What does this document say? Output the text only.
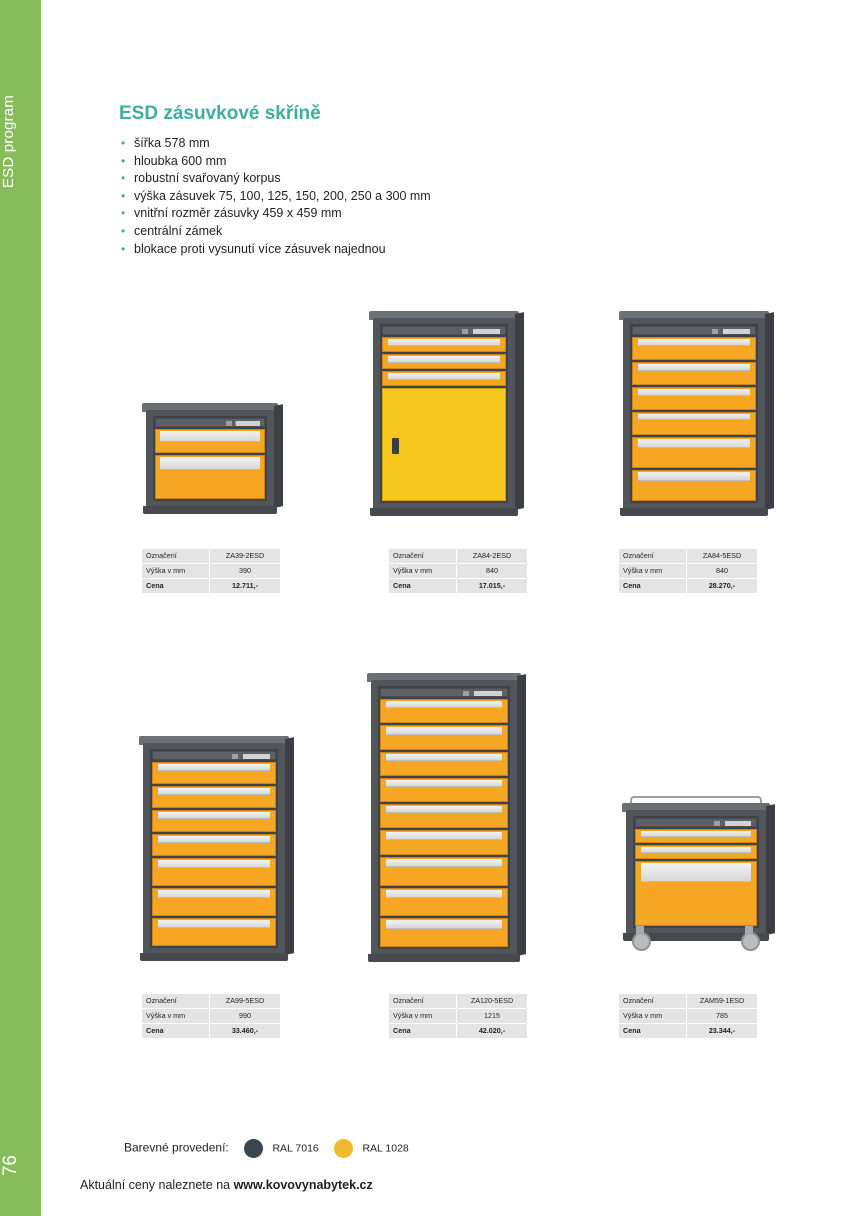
ESD program
76
ESD zásuvkové skříně
• šířka 578 mm
• hloubka 600 mm
• robustní svařovaný korpus
• výška zásuvek 75, 100, 125, 150, 200, 250 a 300 mm
• vnitřní rozměr zásuvky 459 x 459 mm
• centrální zámek
• blokace proti vysunutí více zásuvek najednou
Označení	ZA39-2ESD
Výška v mm	390
Cena	12.711,-
Označení	ZA84-2ESD
Výška v mm	840
Cena	17.015,-
Označení	ZA84-5ESD
Výška v mm	840
Cena	28.270,-
Označení	ZA99-5ESD
Výška v mm	990
Cena	33.460,-
Označení	ZA120-5ESD
Výška v mm	1215
Cena	42.020,-
Označení	ZAM59-1ESD
Výška v mm	785
Cena	23.344,-
Barevné provedení:	RAL 7016	RAL 1028
Aktuální ceny naleznete na www.kovovynabytek.cz
